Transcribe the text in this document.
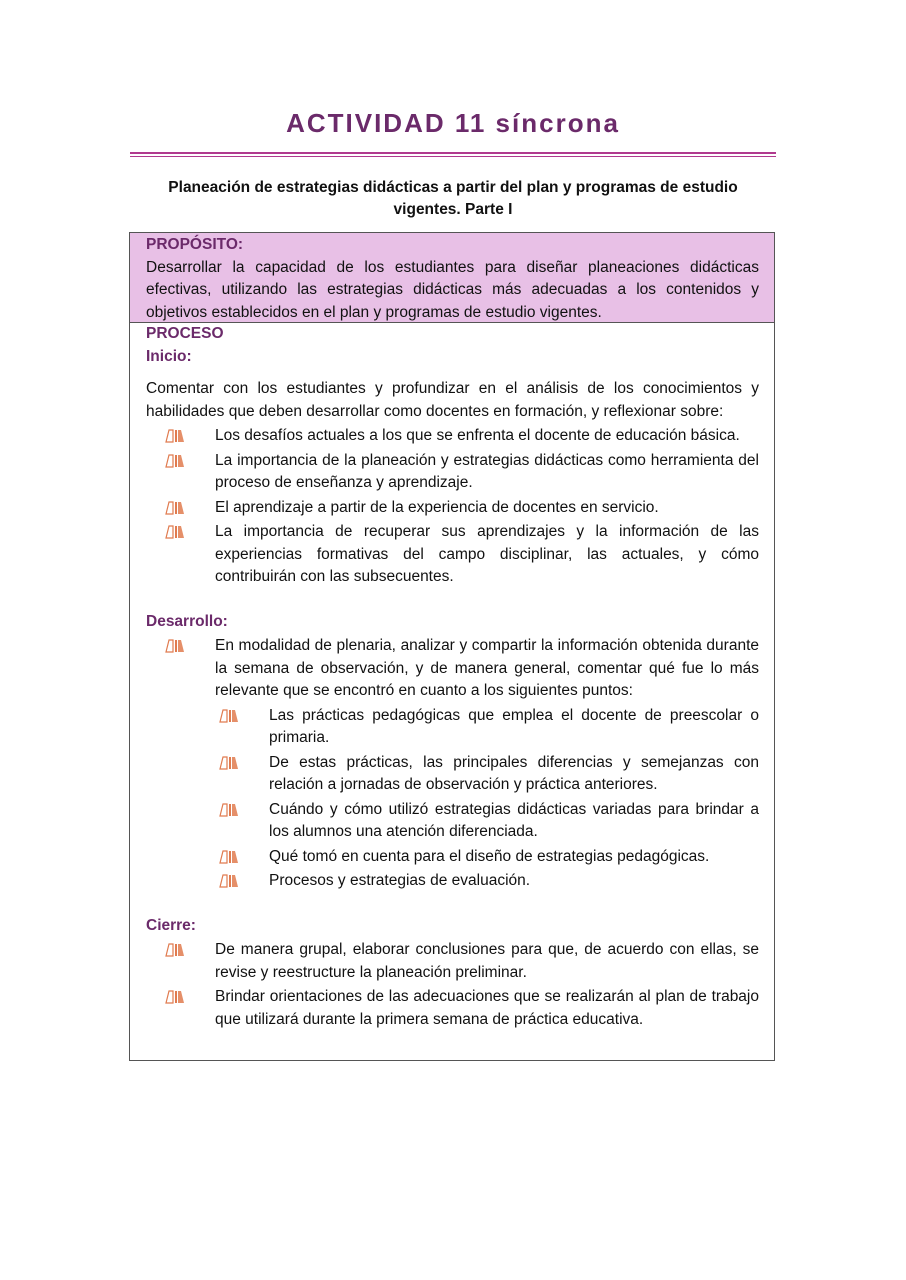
ACTIVIDAD 11 síncrona
Planeación de estrategias didácticas a partir del plan y programas de estudio
vigentes. Parte I
PROPÓSITO:
Desarrollar la capacidad de los estudiantes para diseñar planeaciones didácticas efectivas, utilizando las estrategias didácticas más adecuadas a los contenidos y objetivos establecidos en el plan y programas de estudio vigentes.
PROCESO
Inicio:

Comentar con los estudiantes y profundizar en el análisis de los conocimientos y habilidades que deben desarrollar como docentes en formación, y reflexionar sobre:

Los desafíos actuales a los que se enfrenta el docente de educación básica.
La importancia de la planeación y estrategias didácticas como herramienta del proceso de enseñanza y aprendizaje.
El aprendizaje a partir de la experiencia de docentes en servicio.
La importancia de recuperar sus aprendizajes y la información de las experiencias formativas del campo disciplinar, las actuales, y cómo contribuirán con las subsecuentes.
Desarrollo:
En modalidad de plenaria, analizar y compartir la información obtenida durante la semana de observación, y de manera general, comentar qué fue lo más relevante que se encontró en cuanto a los siguientes puntos:
Las prácticas pedagógicas que emplea el docente de preescolar o primaria.
De estas prácticas, las principales diferencias y semejanzas con relación a jornadas de observación y práctica anteriores.
Cuándo y cómo utilizó estrategias didácticas variadas para brindar a los alumnos una atención diferenciada.
Qué tomó en cuenta para el diseño de estrategias pedagógicas.
Procesos y estrategias de evaluación.
Cierre:
De manera grupal, elaborar conclusiones para que, de acuerdo con ellas, se revise y reestructure la planeación preliminar.
Brindar orientaciones de las adecuaciones que se realizarán al plan de trabajo que utilizará durante la primera semana de práctica educativa.
